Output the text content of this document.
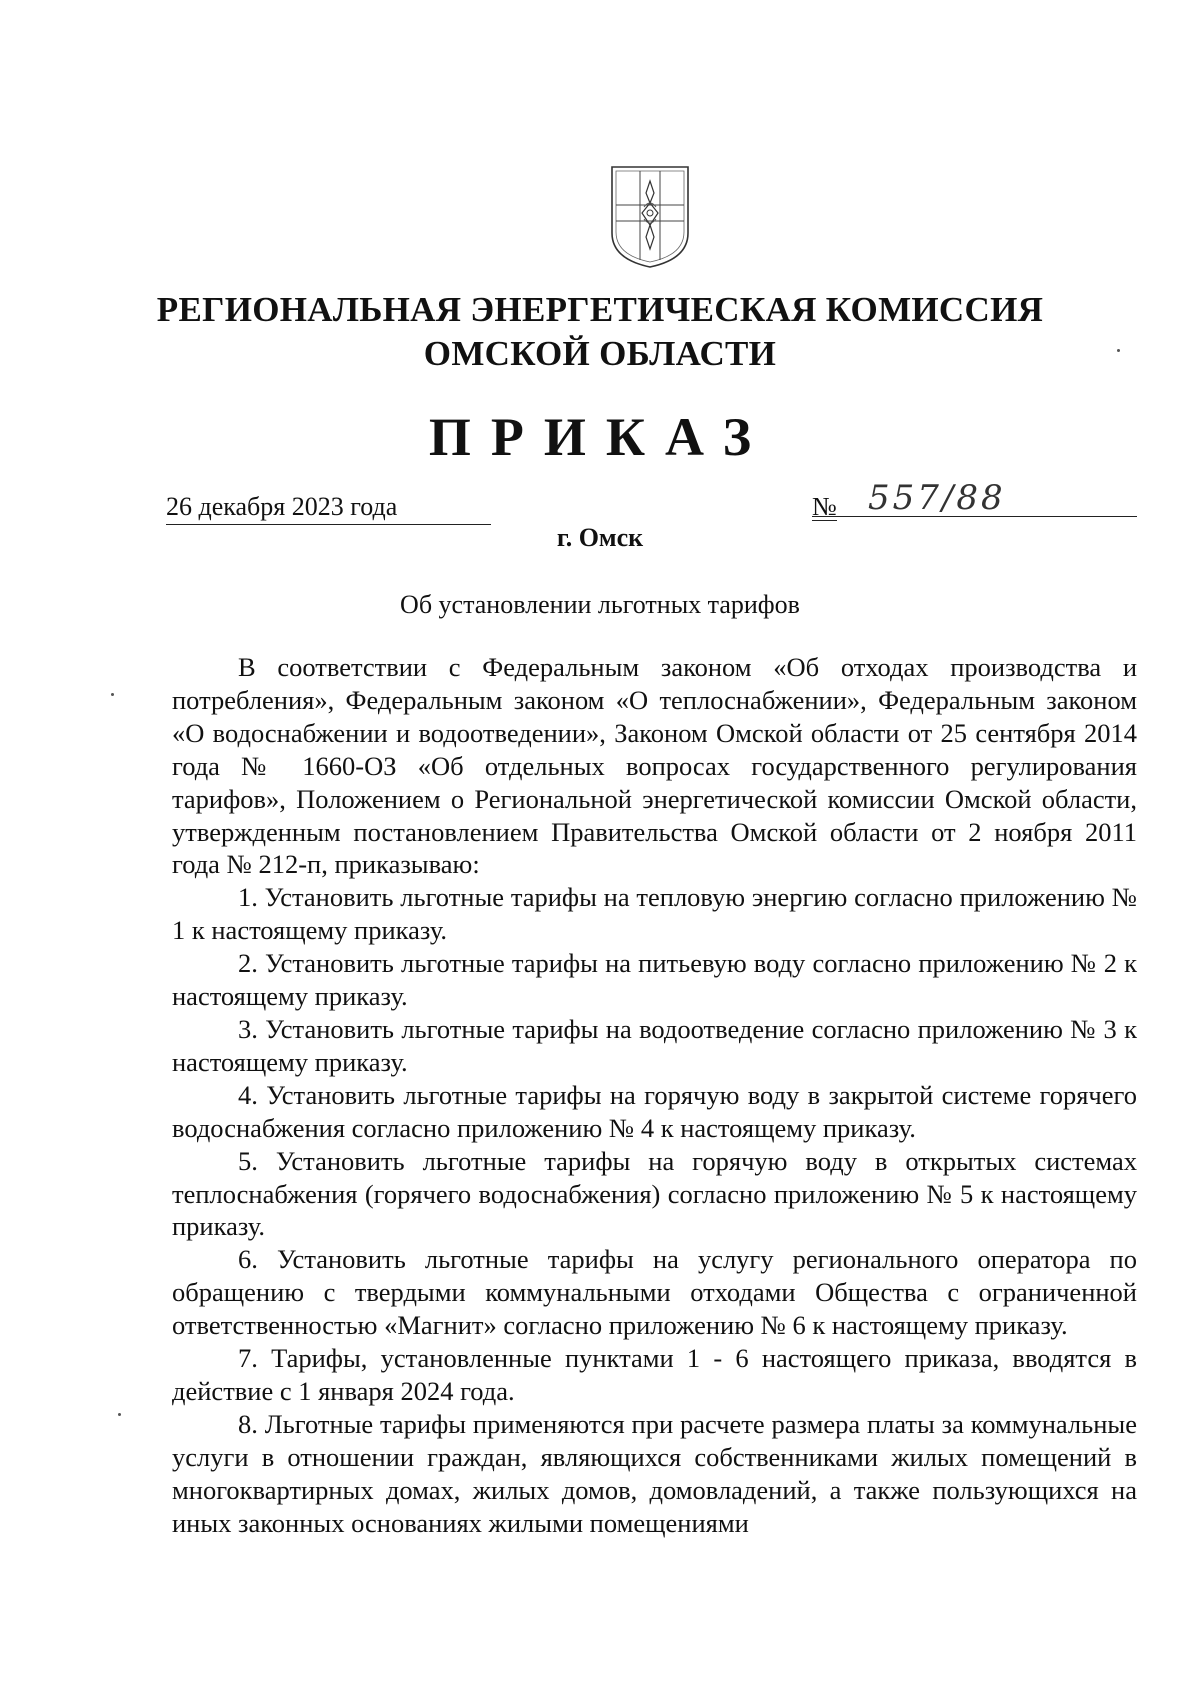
РЕГИОНАЛЬНАЯ ЭНЕРГЕТИЧЕСКАЯ КОМИССИЯ
ОМСКОЙ ОБЛАСТИ
ПРИКАЗ
26 декабря 2023 года	№ 557/88
г. Омск
Об установлении льготных тарифов

В соответствии с Федеральным законом «Об отходах производства и потребления», Федеральным законом «О теплоснабжении», Федеральным законом «О водоснабжении и водоотведении», Законом Омской области от 25 сентября 2014 года № 1660-ОЗ «Об отдельных вопросах государственного регулирования тарифов», Положением о Региональной энергетической комиссии Омской области, утвержденным постановлением Правительства Омской области от 2 ноября 2011 года № 212-п, приказываю:

1. Установить льготные тарифы на тепловую энергию согласно приложению № 1 к настоящему приказу.

2. Установить льготные тарифы на питьевую воду согласно приложению № 2 к настоящему приказу.

3. Установить льготные тарифы на водоотведение согласно приложению № 3 к настоящему приказу.

4. Установить льготные тарифы на горячую воду в закрытой системе горячего водоснабжения согласно приложению № 4 к настоящему приказу.

5. Установить льготные тарифы на горячую воду в открытых системах теплоснабжения (горячего водоснабжения) согласно приложению № 5 к настоящему приказу.

6. Установить льготные тарифы на услугу регионального оператора по обращению с твердыми коммунальными отходами Общества с ограниченной ответственностью «Магнит» согласно приложению № 6 к настоящему приказу.

7. Тарифы, установленные пунктами 1 - 6 настоящего приказа, вводятся в действие с 1 января 2024 года.

8. Льготные тарифы применяются при расчете размера платы за коммунальные услуги в отношении граждан, являющихся собственниками жилых помещений в многоквартирных домах, жилых домов, домовладений, а также пользующихся на иных законных основаниях жилыми помещениями
